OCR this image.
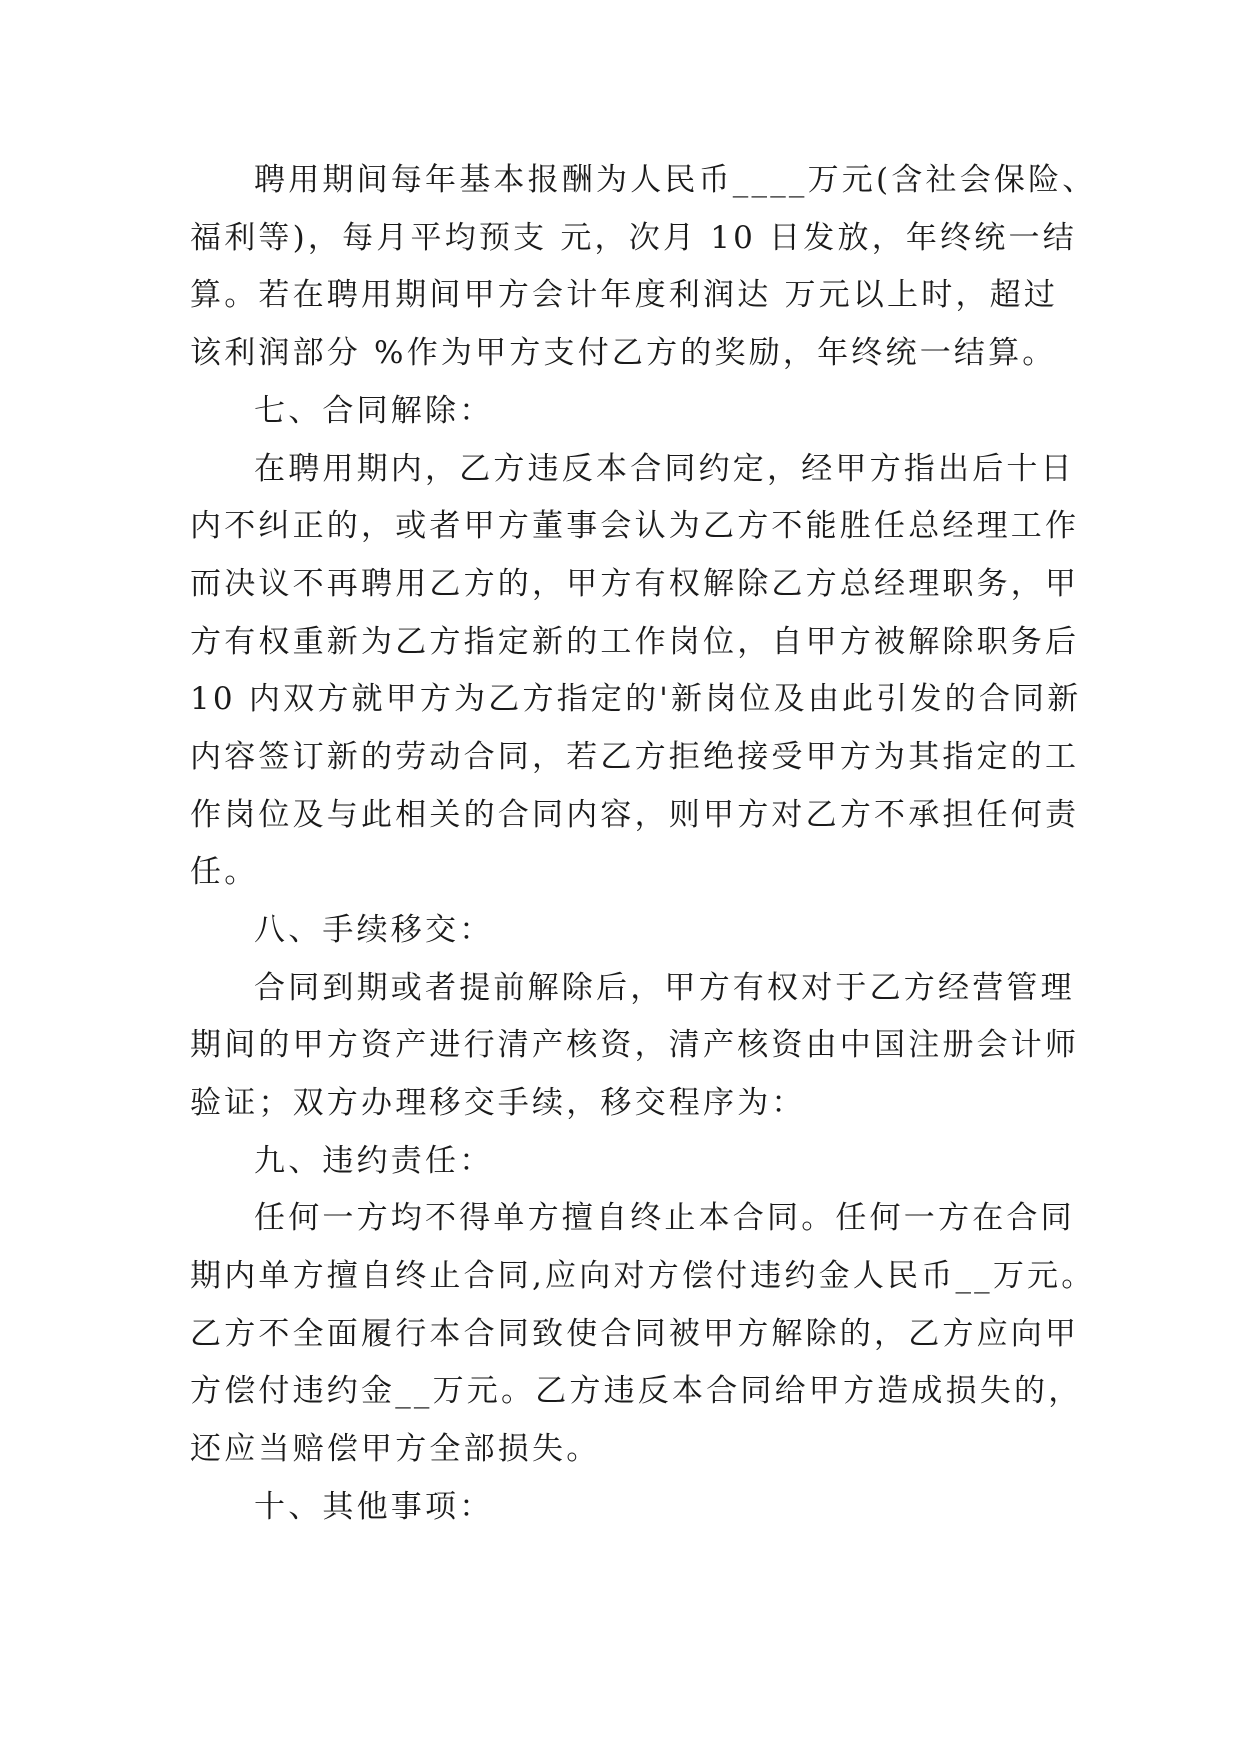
聘用期间每年基本报酬为人民币____万元(含社会保险、
福利等)，每月平均预支 元，次月 10 日发放，年终统一结
算。若在聘用期间甲方会计年度利润达 万元以上时，超过
该利润部分 %作为甲方支付乙方的奖励，年终统一结算。
七、合同解除：
在聘用期内，乙方违反本合同约定，经甲方指出后十日
内不纠正的，或者甲方董事会认为乙方不能胜任总经理工作
而决议不再聘用乙方的，甲方有权解除乙方总经理职务，甲
方有权重新为乙方指定新的工作岗位，自甲方被解除职务后
10 内双方就甲方为乙方指定的'新岗位及由此引发的合同新
内容签订新的劳动合同，若乙方拒绝接受甲方为其指定的工
作岗位及与此相关的合同内容，则甲方对乙方不承担任何责
任。
八、手续移交：
合同到期或者提前解除后，甲方有权对于乙方经营管理
期间的甲方资产进行清产核资，清产核资由中国注册会计师
验证；双方办理移交手续，移交程序为：
九、违约责任：
任何一方均不得单方擅自终止本合同。任何一方在合同
期内单方擅自终止合同,应向对方偿付违约金人民币__万元。
乙方不全面履行本合同致使合同被甲方解除的，乙方应向甲
方偿付违约金__万元。乙方违反本合同给甲方造成损失的，
还应当赔偿甲方全部损失。
十、其他事项：
